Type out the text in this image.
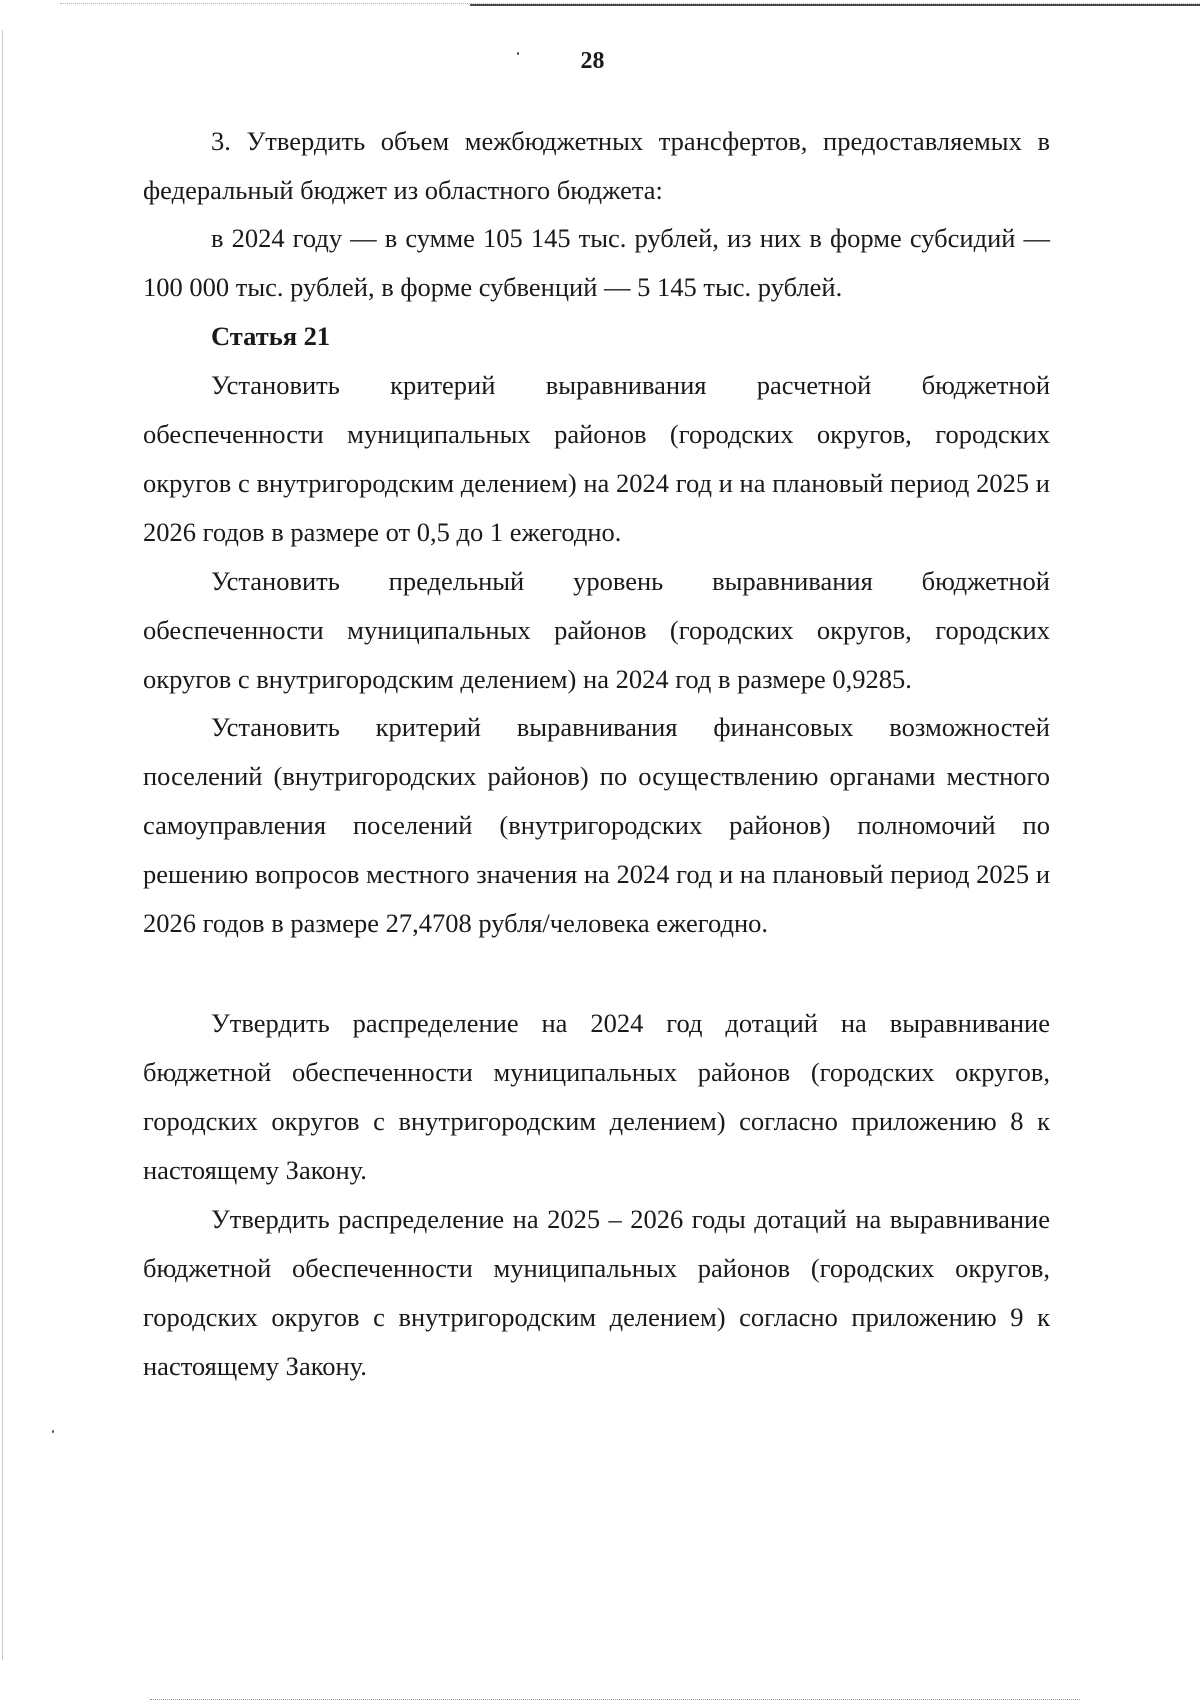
28

3. Утвердить объем межбюджетных трансфертов, предоставляемых в федеральный бюджет из областного бюджета:

в 2024 году — в сумме 105 145 тыс. рублей, из них в форме субсидий — 100 000 тыс. рублей, в форме субвенций — 5 145 тыс. рублей.

Статья 21

Установить критерий выравнивания расчетной бюджетной обеспеченности муниципальных районов (городских округов, городских округов с внутригородским делением) на 2024 год и на плановый период 2025 и 2026 годов в размере от 0,5 до 1 ежегодно.

Установить предельный уровень выравнивания бюджетной обеспеченности муниципальных районов (городских округов, городских округов с внутригородским делением) на 2024 год в размере 0,9285.

Установить критерий выравнивания финансовых возможностей поселений (внутригородских районов) по осуществлению органами местного самоуправления поселений (внутригородских районов) полномочий по решению вопросов местного значения на 2024 год и на плановый период 2025 и 2026 годов в размере 27,4708 рубля/человека ежегодно.

Утвердить распределение на 2024 год дотаций на выравнивание бюджетной обеспеченности муниципальных районов (городских округов, городских округов с внутригородским делением) согласно приложению 8 к настоящему Закону.

Утвердить распределение на 2025 – 2026 годы дотаций на выравнивание бюджетной обеспеченности муниципальных районов (городских округов, городских округов с внутригородским делением) согласно приложению 9 к настоящему Закону.
